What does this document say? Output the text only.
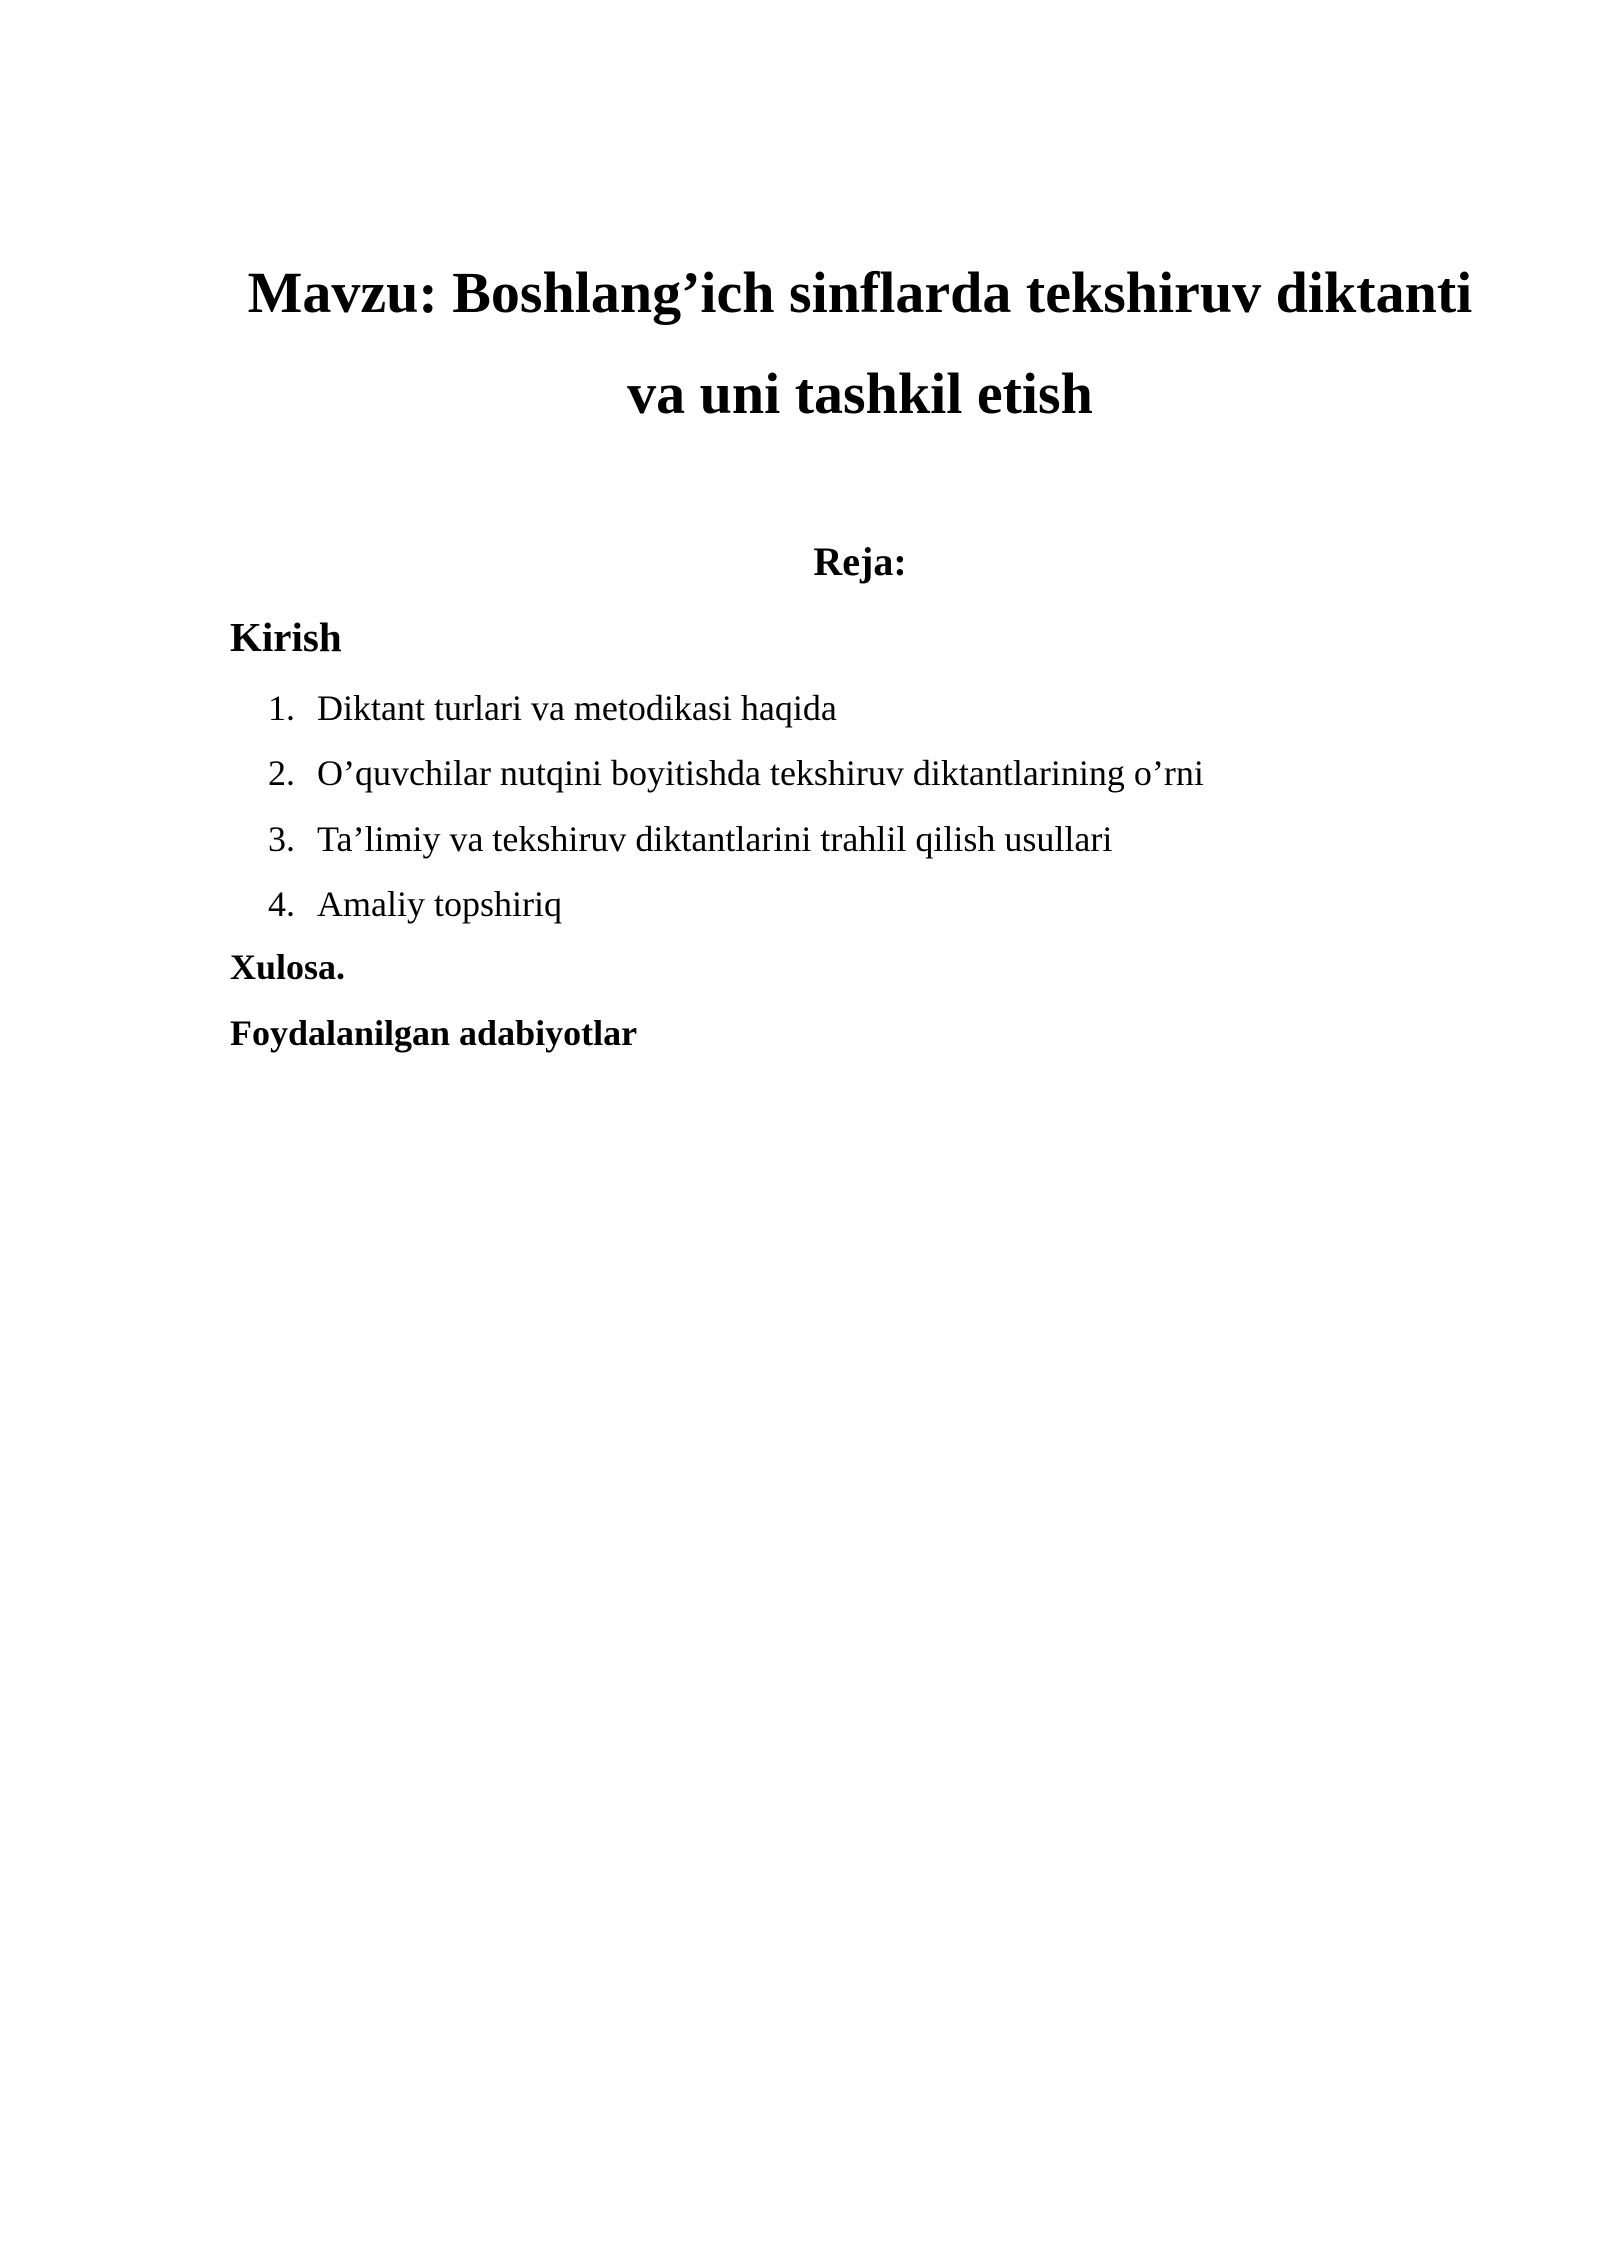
Mavzu: Boshlang’ich sinflarda tekshiruv diktanti
va uni tashkil etish
Reja:
Kirish
1. Diktant turlari va metodikasi haqida
2. O’quvchilar nutqini boyitishda tekshiruv diktantlarining o’rni
3. Ta’limiy va tekshiruv diktantlarini trahlil qilish usullari
4. Amaliy topshiriq
Xulosa.
Foydalanilgan adabiyotlar
